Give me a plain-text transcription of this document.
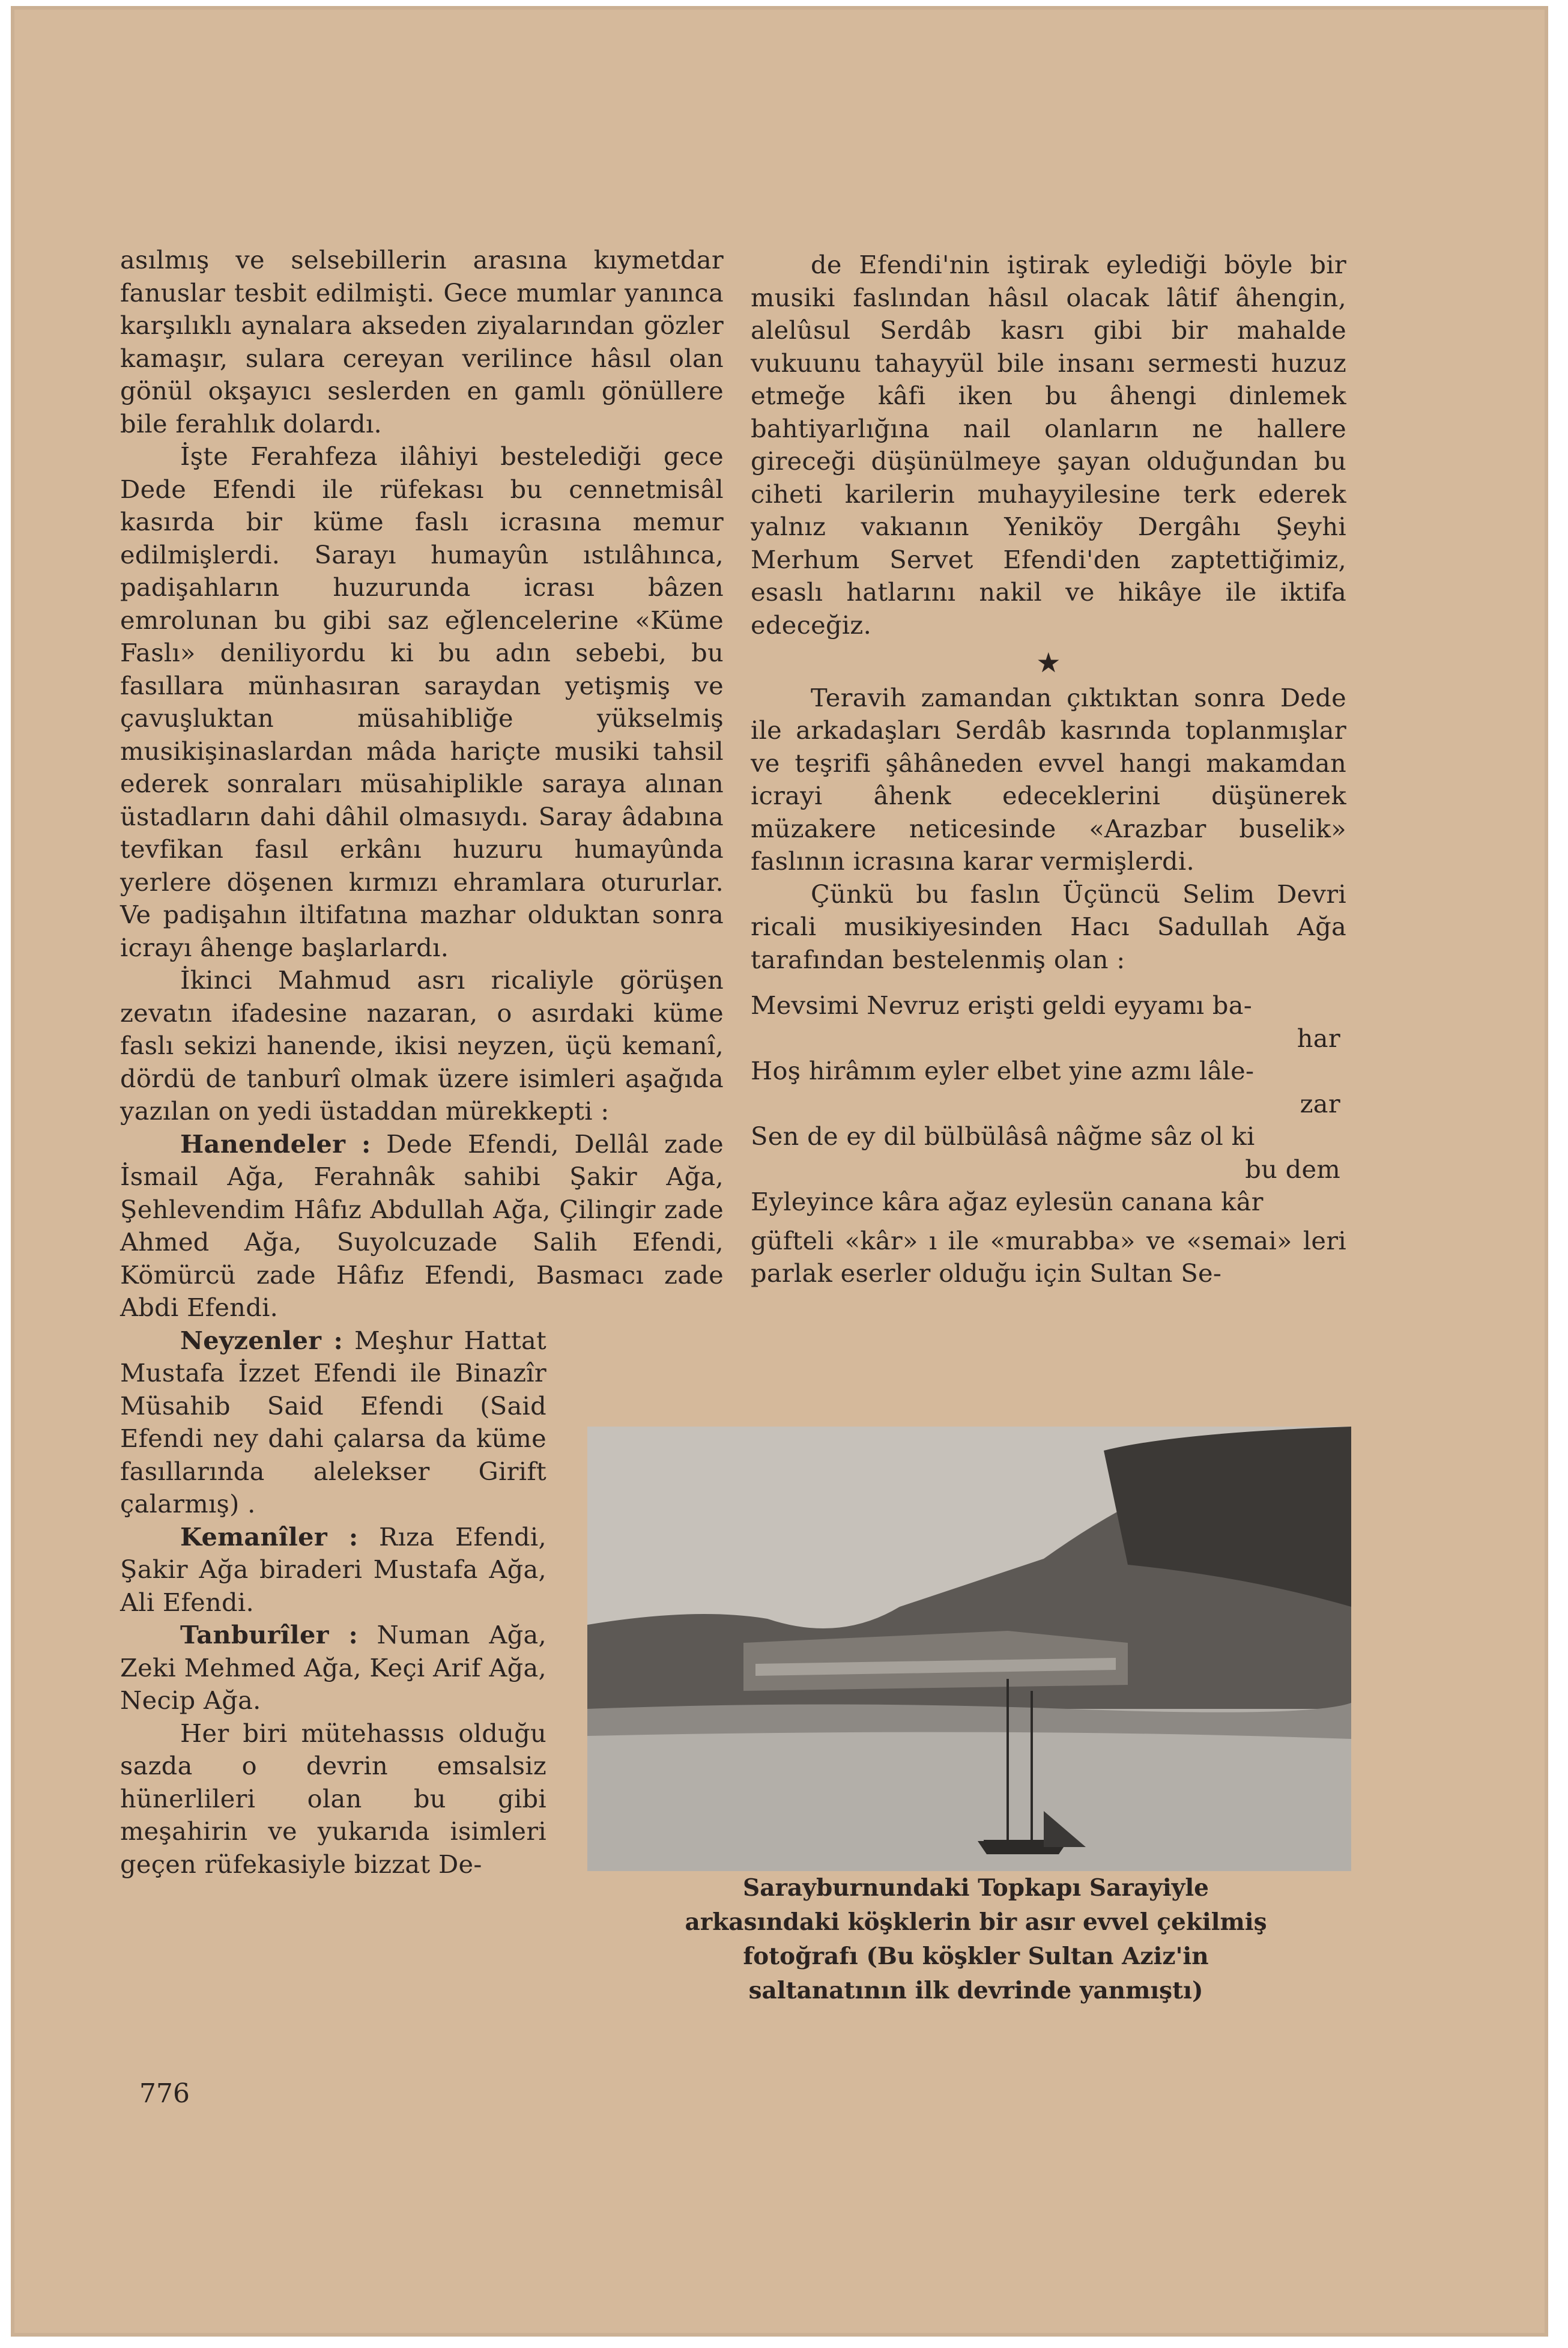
asılmış ve selsebillerin arasına kıymetdar fanuslar tesbit edilmişti. Gece mumlar yanınca karşılıklı aynalara akseden ziyalarından gözler kamaşır, sulara cereyan verilince hâsıl olan gönül okşayıcı seslerden en gamlı gönüllere bile ferahlık dolardı.

İşte Ferahfeza ilâhiyi bestelediği gece Dede Efendi ile rüfekası bu cennetmisâl kasırda bir küme faslı icrasına memur edilmişlerdi. Sarayı humayûn ıstılâhınca, padişahların huzurunda icrası bâzen emrolunan bu gibi saz eğlencelerine «Küme Faslı» deniliyordu ki bu adın sebebi, bu fasıllara münhasıran saraydan yetişmiş ve çavuşluktan müsahibliğe yükselmiş musikişinaslardan mâda hariçte musiki tahsil ederek sonraları müsahiplikle saraya alınan üstadların dahi dâhil olmasıydı. Saray âdabına tevfikan fasıl erkânı huzuru humayûnda yerlere döşenen kırmızı ehramlara otururlar. Ve padişahın iltifatına mazhar olduktan sonra icrayı âhenge başlarlardı.

İkinci Mahmud asrı ricaliyle görüşen zevatın ifadesine nazaran, o asırdaki küme faslı sekizi hanende, ikisi neyzen, üçü kemanî, dördü de tanburî olmak üzere isimleri aşağıda yazılan on yedi üstaddan mürekkepti :

Hanendeler : Dede Efendi, Dellâl zade İsmail Ağa, Ferahnâk sahibi Şakir Ağa, Şehlevendim Hâfız Abdullah Ağa, Çilingir zade Ahmed Ağa, Suyolcuzade Salih Efendi, Kömürcü zade Hâfız Efendi, Basmacı zade Abdi Efendi.

Neyzenler : Meşhur Hattat Mustafa İzzet Efendi ile Binazîr Müsahib Said Efendi (Said Efendi ney dahi çalarsa da küme fasıllarında alelekser Girift çalarmış) .

Kemanîler : Rıza Efendi, Şakir Ağa biraderi Mustafa Ağa, Ali Efendi.

Tanburîler : Numan Ağa, Zeki Mehmed Ağa, Keçi Arif Ağa, Necip Ağa.

Her biri mütehassıs olduğu sazda o devrin emsalsiz hünerlileri olan bu gibi meşahirin ve yukarıda isimleri geçen rüfekasiyle bizzat De-

de Efendi'nin iştirak eylediği böyle bir musiki faslından hâsıl olacak lâtif âhengin, alelûsul Serdâb kasrı gibi bir mahalde vukuunu tahayyül bile insanı sermesti huzuz etmeğe kâfi iken bu âhengi dinlemek bahtiyarlığına nail olanların ne hallere gireceği düşünülmeye şayan olduğundan bu ciheti karilerin muhayyilesine terk ederek yalnız vakıanın Yeniköy Dergâhı Şeyhi Merhum Servet Efendi'den zaptettiğimiz, esaslı hatlarını nakil ve hikâye ile iktifa edeceğiz.

★

Teravih zamandan çıktıktan sonra Dede ile arkadaşları Serdâb kasrında toplanmışlar ve teşrifi şâhâneden evvel hangi makamdan icrayi âhenk edeceklerini düşünerek müzakere neticesinde «Arazbar buselik» faslının icrasına karar vermişlerdi.

Çünkü bu faslın Üçüncü Selim Devri ricali musikiyesinden Hacı Sadullah Ağa tarafından bestelenmiş olan :

Mevsimi Nevruz erişti geldi eyyamı ba-
har
Hoş hirâmım eyler elbet yine azmı lâle-
zar
Sen de ey dil bülbülâsâ nâğme sâz ol ki
bu dem
Eyleyince kâra ağaz eylesün canana kâr

güfteli «kâr» ı ile «murabba» ve «semai» leri parlak eserler olduğu için Sultan Se-

Sarayburnundaki Topkapı Sarayiyle arkasındaki köşklerin bir asır evvel çekilmiş fotoğrafı (Bu köşkler Sultan Aziz'in saltanatının ilk devrinde yanmıştı)
776
